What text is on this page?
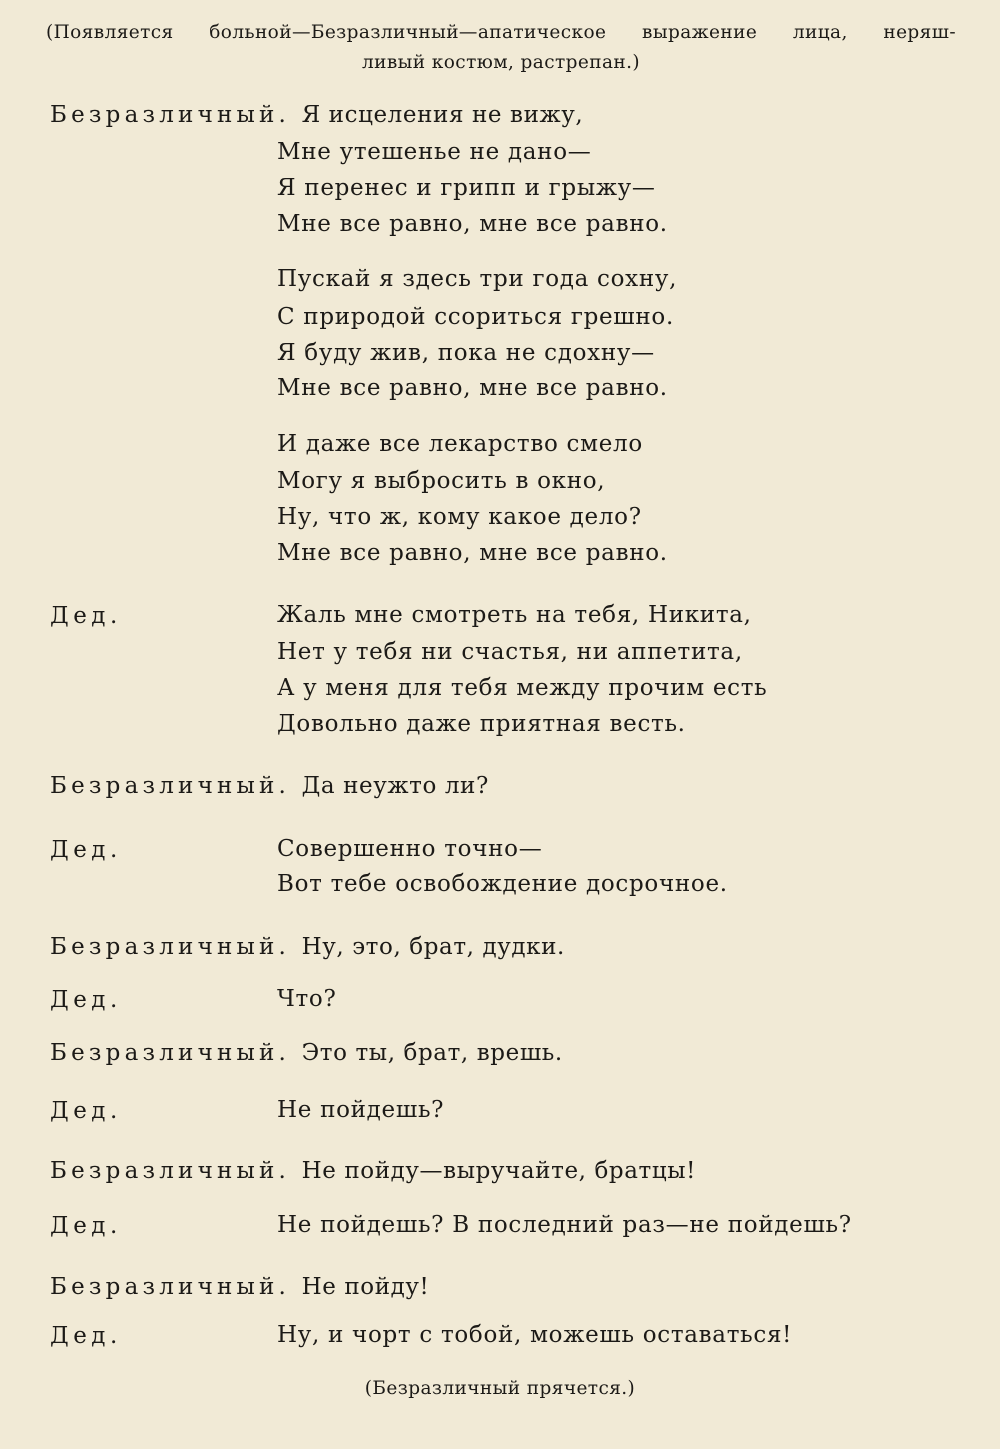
(Появляется больной—Безразличный—апатическое выражение лица, неряш-
ливый костюм, растрепан.)
Безразличный. Я исцеления не вижу,
Мне утешенье не дано—
Я перенес и грипп и грыжу—
Мне все равно, мне все равно.
Пускай я здесь три года сохну,
С природой ссориться грешно.
Я буду жив, пока не сдохну—
Мне все равно, мне все равно.
И даже все лекарство смело
Могу я выбросить в окно,
Ну, что ж, кому какое дело?
Мне все равно, мне все равно.
Дед.	Жаль мне смотреть на тебя, Никита,
Нет у тебя ни счастья, ни аппетита,
А у меня для тебя между прочим есть
Довольно даже приятная весть.
Безразличный. Да неужто ли?
Дед.	Совершенно точно—
Вот тебе освобождение досрочное.
Безразличный. Ну, это, брат, дудки.
Дед.	Что?
Безразличный. Это ты, брат, врешь.
Дед.	Не пойдешь?
Безразличный. Не пойду—выручайте, братцы!
Дед.	Не пойдешь? В последний раз—не пойдешь?
Безразличный. Не пойду!
Дед.	Ну, и чорт с тобой, можешь оставаться!
(Безразличный прячется.)
